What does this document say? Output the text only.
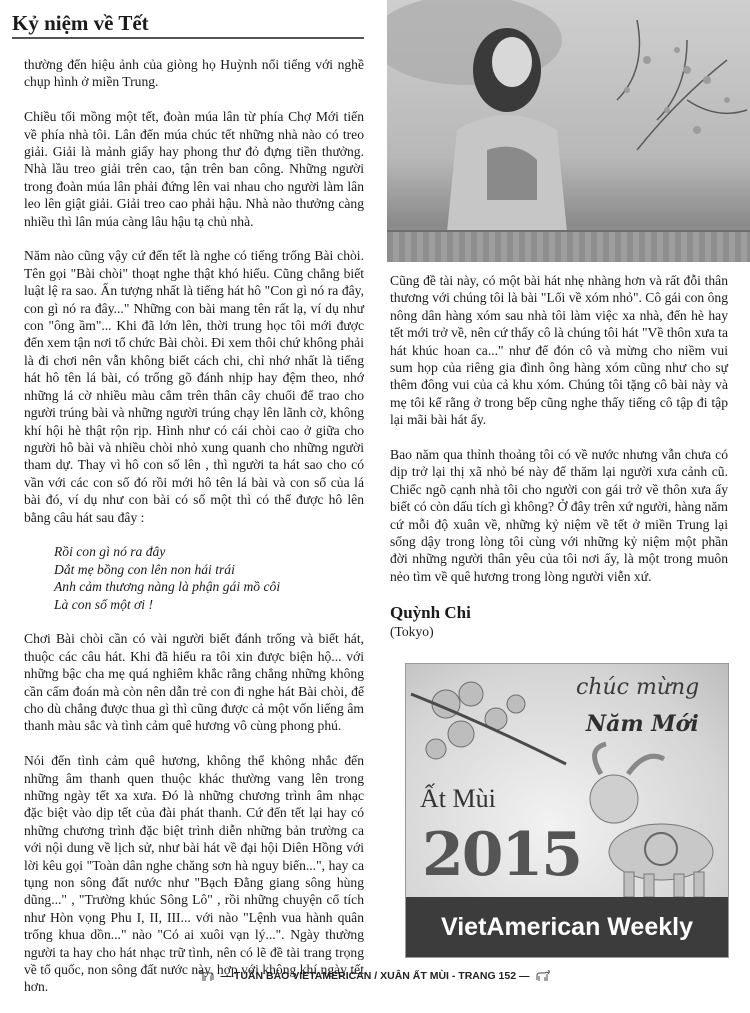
Kỷ niệm về Tết

thường đến hiệu ảnh của giòng họ Huỳnh nổi tiếng với nghề chụp hình ở miền Trung.

Chiều tối mồng một tết, đoàn múa lân từ phía Chợ Mới tiến về phía nhà tôi. Lân đến múa chúc tết những nhà nào có treo giải. Giải là mảnh giấy hay phong thư đỏ đựng tiền thưởng. Nhà lầu treo giải trên cao, tận trên ban công. Những người trong đoàn múa lân phải đứng lên vai nhau cho người làm lân leo lên giật giải. Giải treo cao phải hậu. Nhà nào thưởng càng nhiều thì lân múa càng lâu hậu tạ chủ nhà.

Năm nào cũng vậy cứ đến tết là nghe có tiếng trống Bài chòi. Tên gọi "Bài chòi" thoạt nghe thật khó hiểu. Cũng chẳng biết luật lệ ra sao. Ấn tượng nhất là tiếng hát hô "Con gì nó ra đây, con gì nó ra đây..." Những con bài mang tên rất lạ, ví dụ như con "ông ầm"... Khi đã lớn lên, thời trung học tôi mới được đến xem tận nơi tổ chức Bài chòi. Đi xem thôi chứ không phải là đi chơi nên vẫn không biết cách chi, chỉ nhớ nhất là tiếng hát hô tên lá bài, có trống gõ đánh nhịp hay đệm theo, nhớ những lá cờ nhiều màu cắm trên thân cây chuối để trao cho người trúng bài và những người trúng chạy lên lãnh cờ, không khí hội hè thật rộn rịp. Hình như có cái chòi cao ở giữa cho người hô bài và nhiều chòi nhỏ xung quanh cho những người tham dự. Thay vì hô con số lên , thì người ta hát sao cho có vần với các con số đó rồi mới hô tên lá bài và con số của lá bài đó, ví dụ như con bài có số một thì có thể được hô lên bằng câu hát sau đây :

Rồi con gì nó ra đây
Dắt mẹ bồng con lên non hái trái
Anh cảm thương nàng là phận gái mồ côi
Là con số một ơi !

Chơi Bài chòi cần có vài người biết đánh trống và biết hát, thuộc các câu hát. Khi đã hiểu ra tôi xin được biện hộ... với những bậc cha mẹ quá nghiêm khắc rằng chẳng những không cần cấm đoán mà còn nên dẫn trẻ con đi nghe hát Bài chòi, để cho dù chẳng được thua gì thì cũng được cả một vốn liếng âm thanh màu sắc và tình cảm quê hương vô cùng phong phú.

Nói đến tình cảm quê hương, không thể không nhắc đến những âm thanh quen thuộc khác thường vang lên trong những ngày tết xa xưa. Đó là những chương trình âm nhạc đặc biệt vào dịp tết của đài phát thanh. Cứ đến tết lại hay có những chương trình đặc biệt trình diễn những bản trường ca với nội dung về lịch sử, như bài hát về đại hội Diên Hồng với lời kêu gọi "Toàn dân nghe chăng sơn hà nguy biến...", hay ca tụng non sông đất nước như "Bạch Đằng giang sông hùng dũng..." , "Trường khúc Sông Lô" , rồi những chuyện cổ tích như Hòn vọng Phu I, II, III... với nào "Lệnh vua hành quân trống khua dồn..." nào "Có ai xuôi vạn lý...". Ngày thường người ta hay cho hát nhạc trữ tình, nên có lẽ đề tài trang trọng về tổ quốc, non sông đất nước này, hợp với không khí ngày tết hơn.

Cũng đề tài này, có một bài hát nhẹ nhàng hơn và rất đỗi thân thương với chúng tôi là bài "Lối về xóm nhỏ". Cô gái con ông nông dân hàng xóm sau nhà tôi làm việc xa nhà, đến hè hay tết mới trở về, nên cứ thấy cô là chúng tôi hát "Về thôn xưa ta hát khúc hoan ca..." như để đón cô và mừng cho niềm vui sum họp của riêng gia đình ông hàng xóm cũng như cho sự thêm đông vui của cả khu xóm. Chúng tôi tặng cô bài này và mẹ tôi kể rằng ở trong bếp cũng nghe thấy tiếng cô tập đi tập lại mãi bài hát ấy.

Bao năm qua thỉnh thoảng tôi có về nước nhưng vẫn chưa có dịp trở lại thị xã nhỏ bé này để thăm lại người xưa cảnh cũ. Chiếc ngõ cạnh nhà tôi cho người con gái trở về thôn xưa ấy biết có còn dấu tích gì không? Ở đây trên xứ người, hàng năm cứ mỗi độ xuân về, những kỷ niệm về tết ở miền Trung lại sống dậy trong lòng tôi cùng với những kỷ niệm một phần đời những người thân yêu của tôi nơi ấy, là một trong muôn nẻo tìm về quê hương trong lòng người viễn xứ.

Quỳnh Chi
(Tokyo)
chúc mừng
Năm Mới
Ất Mùi
2015
VietAmerican Weekly
— TUẦN BÁO VIETAMERICAN / XUÂN ẤT MÙI - TRANG 152 —
